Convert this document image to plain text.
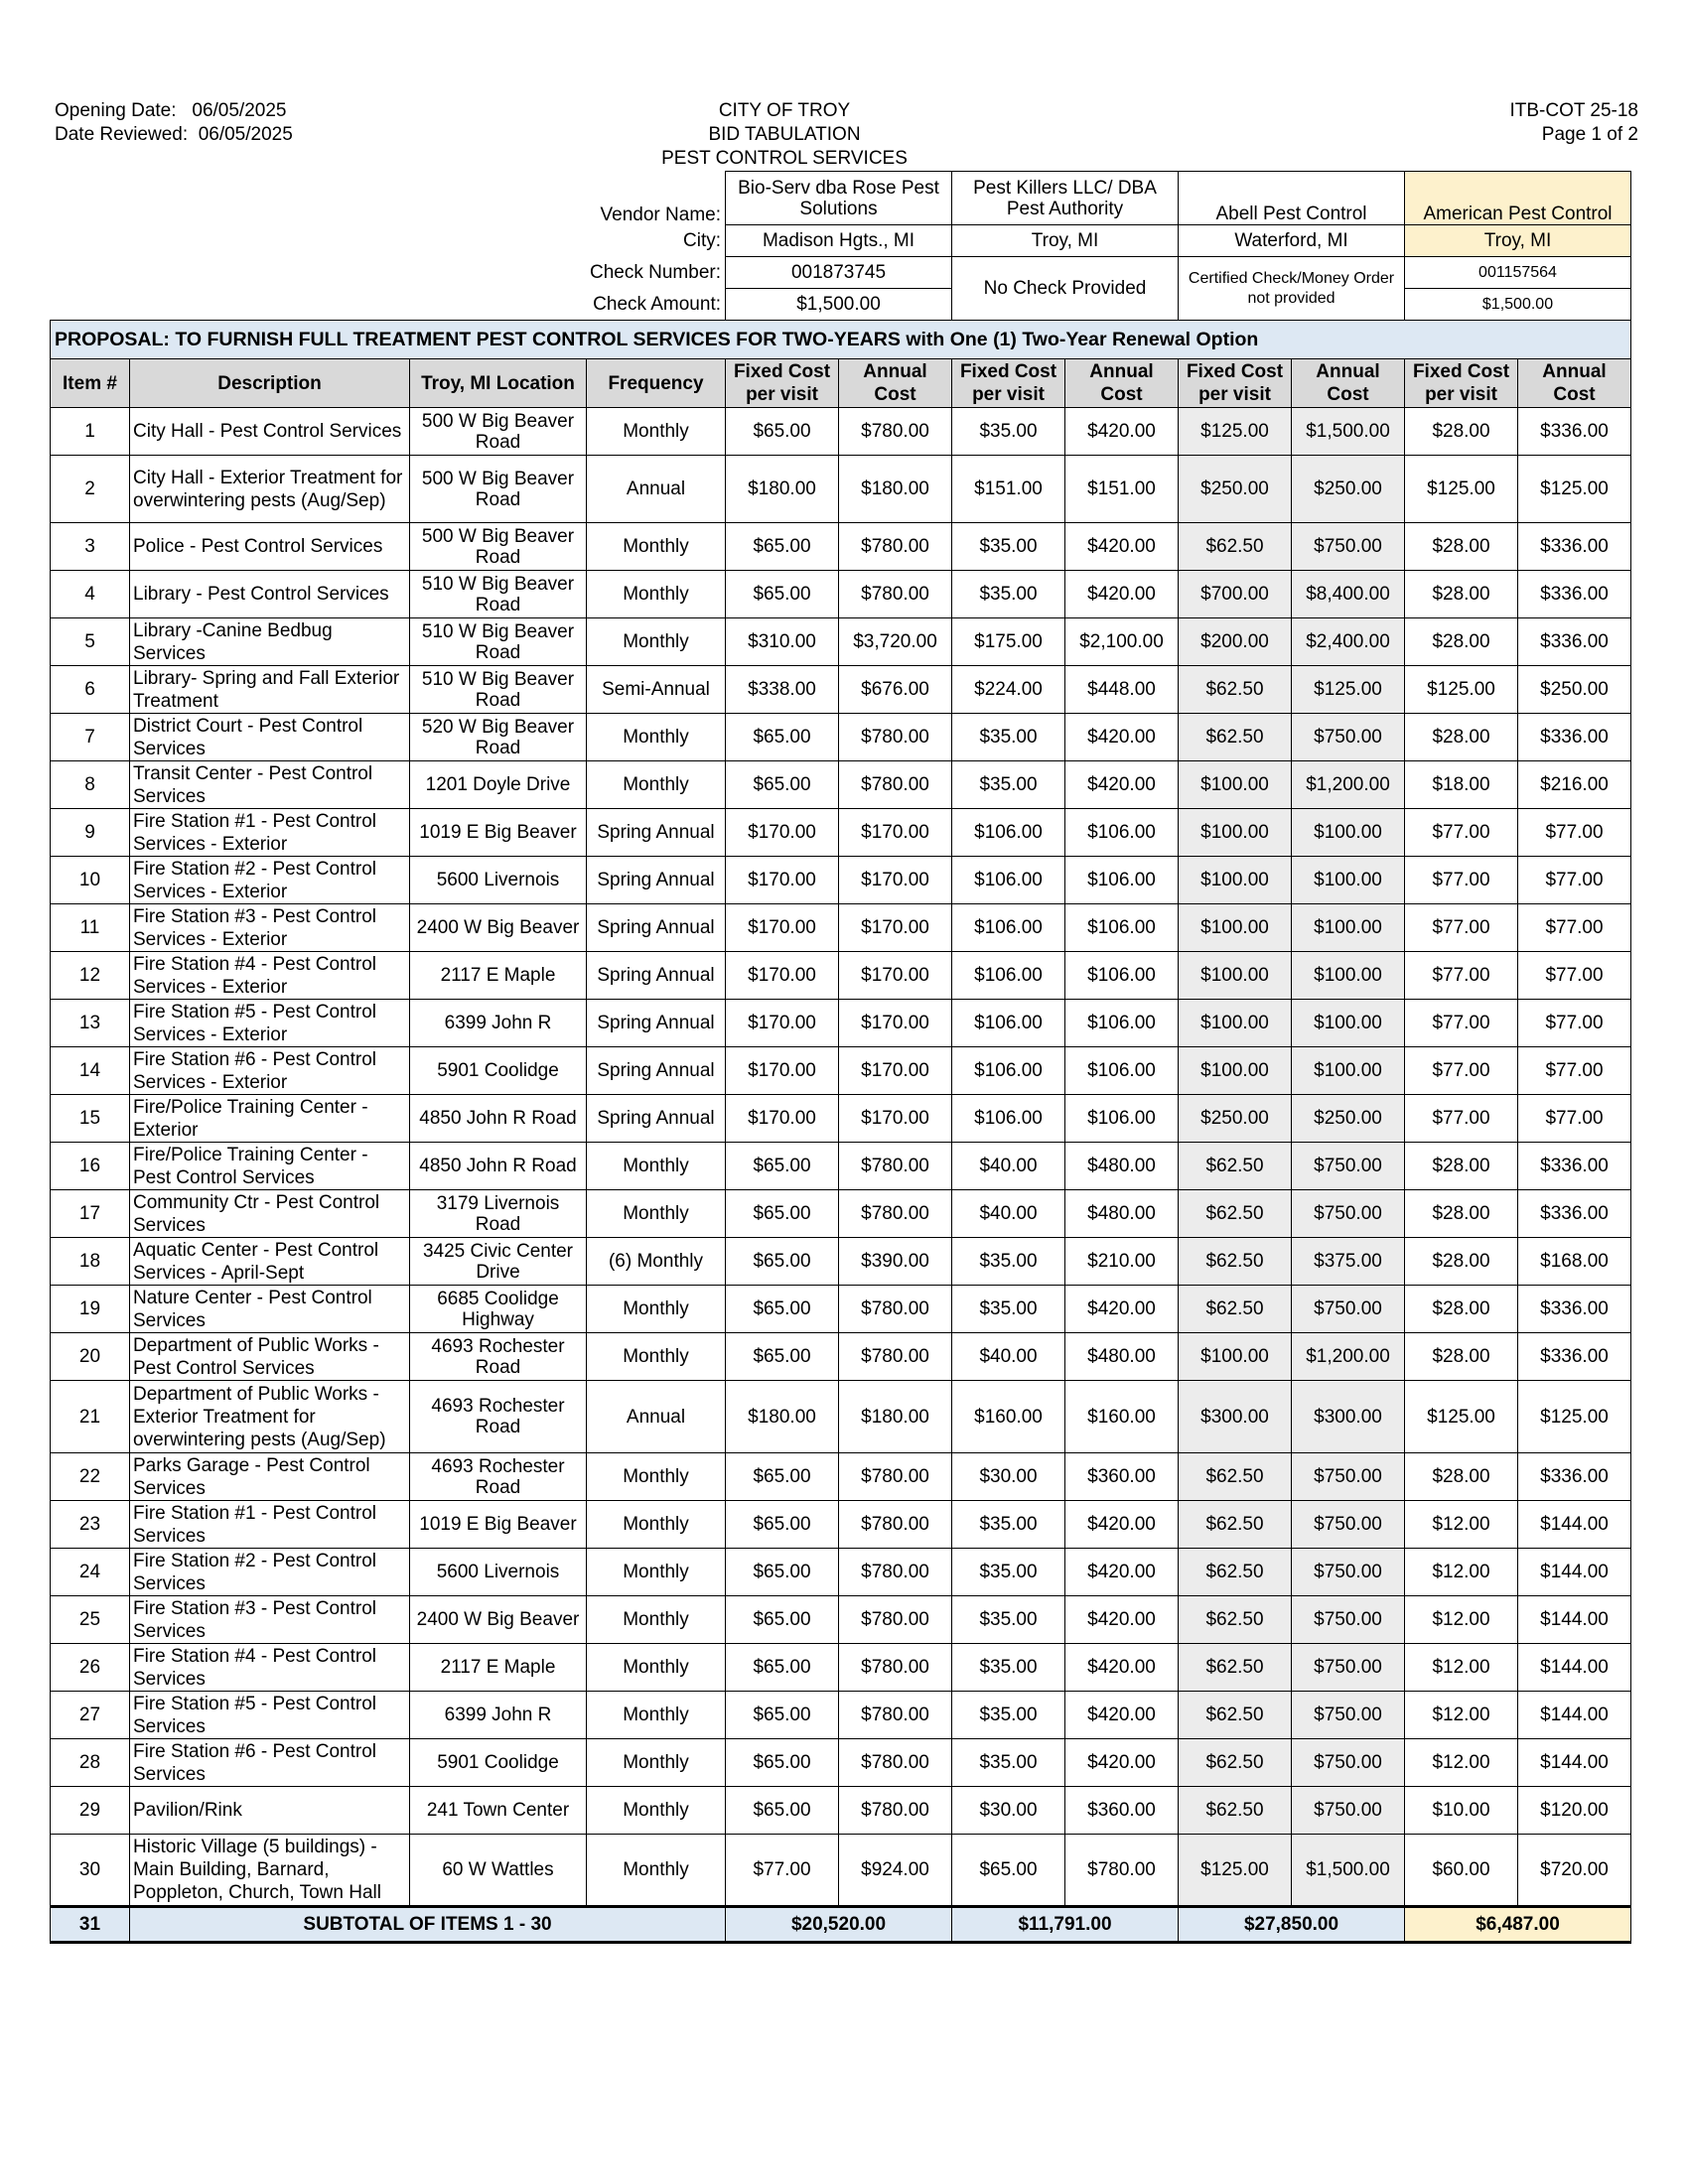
Opening Date: 06/05/2025
Date Reviewed: 06/05/2025
CITY OF TROY
BID TABULATION
PEST CONTROL SERVICES
ITB-COT 25-18
Page 1 of 2
Vendor Name:				Bio-Serv dba Rose Pest Solutions		Pest Killers LLC/ DBA Pest Authority		Abell Pest Control		American Pest Control	
City:				Madison Hgts., MI		Troy, MI		Waterford, MI		Troy, MI	
Check Number:				001873745		No Check Provided		Certified Check/Money Order not provided		001157564	
Check Amount:				$1,500.00						$1,500.00	
PROPOSAL: TO FURNISH FULL TREATMENT PEST CONTROL SERVICES FOR TWO-YEARS with One (1) Two-Year Renewal Option											
Item #	Description	Troy, MI Location	Frequency	Fixed Cost per visit	Annual Cost	Fixed Cost per visit	Annual Cost	Fixed Cost per visit	Annual Cost	Fixed Cost per visit	Annual Cost
1	City Hall - Pest Control Services	500 W Big Beaver Road	Monthly	$65.00	$780.00	$35.00	$420.00	$125.00	$1,500.00	$28.00	$336.00
2	City Hall - Exterior Treatment for overwintering pests (Aug/Sep)	500 W Big Beaver Road	Annual	$180.00	$180.00	$151.00	$151.00	$250.00	$250.00	$125.00	$125.00
3	Police - Pest Control Services	500 W Big Beaver Road	Monthly	$65.00	$780.00	$35.00	$420.00	$62.50	$750.00	$28.00	$336.00
4	Library - Pest Control Services	510 W Big Beaver Road	Monthly	$65.00	$780.00	$35.00	$420.00	$700.00	$8,400.00	$28.00	$336.00
5	Library -Canine Bedbug Services	510 W Big Beaver Road	Monthly	$310.00	$3,720.00	$175.00	$2,100.00	$200.00	$2,400.00	$28.00	$336.00
6	Library- Spring and Fall Exterior Treatment	510 W Big Beaver Road	Semi-Annual	$338.00	$676.00	$224.00	$448.00	$62.50	$125.00	$125.00	$250.00
7	District Court - Pest Control Services	520 W Big Beaver Road	Monthly	$65.00	$780.00	$35.00	$420.00	$62.50	$750.00	$28.00	$336.00
8	Transit Center - Pest Control Services	1201 Doyle Drive	Monthly	$65.00	$780.00	$35.00	$420.00	$100.00	$1,200.00	$18.00	$216.00
9	Fire Station #1 - Pest Control Services - Exterior	1019 E Big Beaver	Spring Annual	$170.00	$170.00	$106.00	$106.00	$100.00	$100.00	$77.00	$77.00
10	Fire Station #2 - Pest Control Services - Exterior	5600 Livernois	Spring Annual	$170.00	$170.00	$106.00	$106.00	$100.00	$100.00	$77.00	$77.00
11	Fire Station #3 - Pest Control Services - Exterior	2400 W Big Beaver	Spring Annual	$170.00	$170.00	$106.00	$106.00	$100.00	$100.00	$77.00	$77.00
12	Fire Station #4 - Pest Control Services - Exterior	2117 E Maple	Spring Annual	$170.00	$170.00	$106.00	$106.00	$100.00	$100.00	$77.00	$77.00
13	Fire Station #5 - Pest Control Services - Exterior	6399 John R	Spring Annual	$170.00	$170.00	$106.00	$106.00	$100.00	$100.00	$77.00	$77.00
14	Fire Station #6 - Pest Control Services - Exterior	5901 Coolidge	Spring Annual	$170.00	$170.00	$106.00	$106.00	$100.00	$100.00	$77.00	$77.00
15	Fire/Police Training Center - Exterior	4850 John R Road	Spring Annual	$170.00	$170.00	$106.00	$106.00	$250.00	$250.00	$77.00	$77.00
16	Fire/Police Training Center - Pest Control Services	4850 John R Road	Monthly	$65.00	$780.00	$40.00	$480.00	$62.50	$750.00	$28.00	$336.00
17	Community Ctr - Pest Control Services	3179 Livernois Road	Monthly	$65.00	$780.00	$40.00	$480.00	$62.50	$750.00	$28.00	$336.00
18	Aquatic Center - Pest Control Services - April-Sept	3425 Civic Center Drive	(6) Monthly	$65.00	$390.00	$35.00	$210.00	$62.50	$375.00	$28.00	$168.00
19	Nature Center - Pest Control Services	6685 Coolidge Highway	Monthly	$65.00	$780.00	$35.00	$420.00	$62.50	$750.00	$28.00	$336.00
20	Department of Public Works - Pest Control Services	4693 Rochester Road	Monthly	$65.00	$780.00	$40.00	$480.00	$100.00	$1,200.00	$28.00	$336.00
21	Department of Public Works - Exterior Treatment for overwintering pests (Aug/Sep)	4693 Rochester Road	Annual	$180.00	$180.00	$160.00	$160.00	$300.00	$300.00	$125.00	$125.00
22	Parks Garage - Pest Control Services	4693 Rochester Road	Monthly	$65.00	$780.00	$30.00	$360.00	$62.50	$750.00	$28.00	$336.00
23	Fire Station #1 - Pest Control Services	1019 E Big Beaver	Monthly	$65.00	$780.00	$35.00	$420.00	$62.50	$750.00	$12.00	$144.00
24	Fire Station #2 - Pest Control Services	5600 Livernois	Monthly	$65.00	$780.00	$35.00	$420.00	$62.50	$750.00	$12.00	$144.00
25	Fire Station #3 - Pest Control Services	2400 W Big Beaver	Monthly	$65.00	$780.00	$35.00	$420.00	$62.50	$750.00	$12.00	$144.00
26	Fire Station #4 - Pest Control Services	2117 E Maple	Monthly	$65.00	$780.00	$35.00	$420.00	$62.50	$750.00	$12.00	$144.00
27	Fire Station #5 - Pest Control Services	6399 John R	Monthly	$65.00	$780.00	$35.00	$420.00	$62.50	$750.00	$12.00	$144.00
28	Fire Station #6 - Pest Control Services	5901 Coolidge	Monthly	$65.00	$780.00	$35.00	$420.00	$62.50	$750.00	$12.00	$144.00
29	Pavilion/Rink	241 Town Center	Monthly	$65.00	$780.00	$30.00	$360.00	$62.50	$750.00	$10.00	$120.00
30	Historic Village (5 buildings) - Main Building, Barnard, Poppleton, Church, Town Hall	60 W Wattles	Monthly	$77.00	$924.00	$65.00	$780.00	$125.00	$1,500.00	$60.00	$720.00
31	SUBTOTAL OF ITEMS 1 - 30			$20,520.00		$11,791.00		$27,850.00		$6,487.00	
